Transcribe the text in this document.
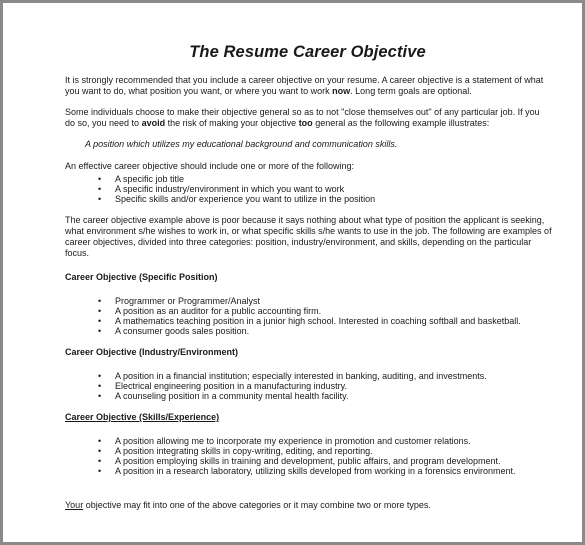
The Resume Career Objective

It is strongly recommended that you include a career objective on your resume. A career objective is a statement of what you want to do, what position you want, or where you want to work now. Long term goals are optional.

Some individuals choose to make their objective general so as to not "close themselves out" of any particular job. If you do so, you need to avoid the risk of making your objective too general as the following example illustrates:

A position which utilizes my educational background and communication skills.

An effective career objective should include one or more of the following:

• A specific job title
• A specific industry/environment in which you want to work
• Specific skills and/or experience you want to utilize in the position

The career objective example above is poor because it says nothing about what type of position the applicant is seeking, what environment s/he wishes to work in, or what specific skills s/he wants to use in the job. The following are examples of career objectives, divided into three categories: position, industry/environment, and skills, depending on the particular focus.

Career Objective (Specific Position)

• Programmer or Programmer/Analyst
• A position as an auditor for a public accounting firm.
• A mathematics teaching position in a junior high school. Interested in coaching softball and basketball.
• A consumer goods sales position.

Career Objective (Industry/Environment)

• A position in a financial institution; especially interested in banking, auditing, and investments.
• Electrical engineering position in a manufacturing industry.
• A counseling position in a community mental health facility.

Career Objective (Skills/Experience)

• A position allowing me to incorporate my experience in promotion and customer relations.
• A position integrating skills in copy-writing, editing, and reporting.
• A position employing skills in training and development, public affairs, and program development.
• A position in a research laboratory, utilizing skills developed from working in a forensics environment.

Your objective may fit into one of the above categories or it may combine two or more types.
